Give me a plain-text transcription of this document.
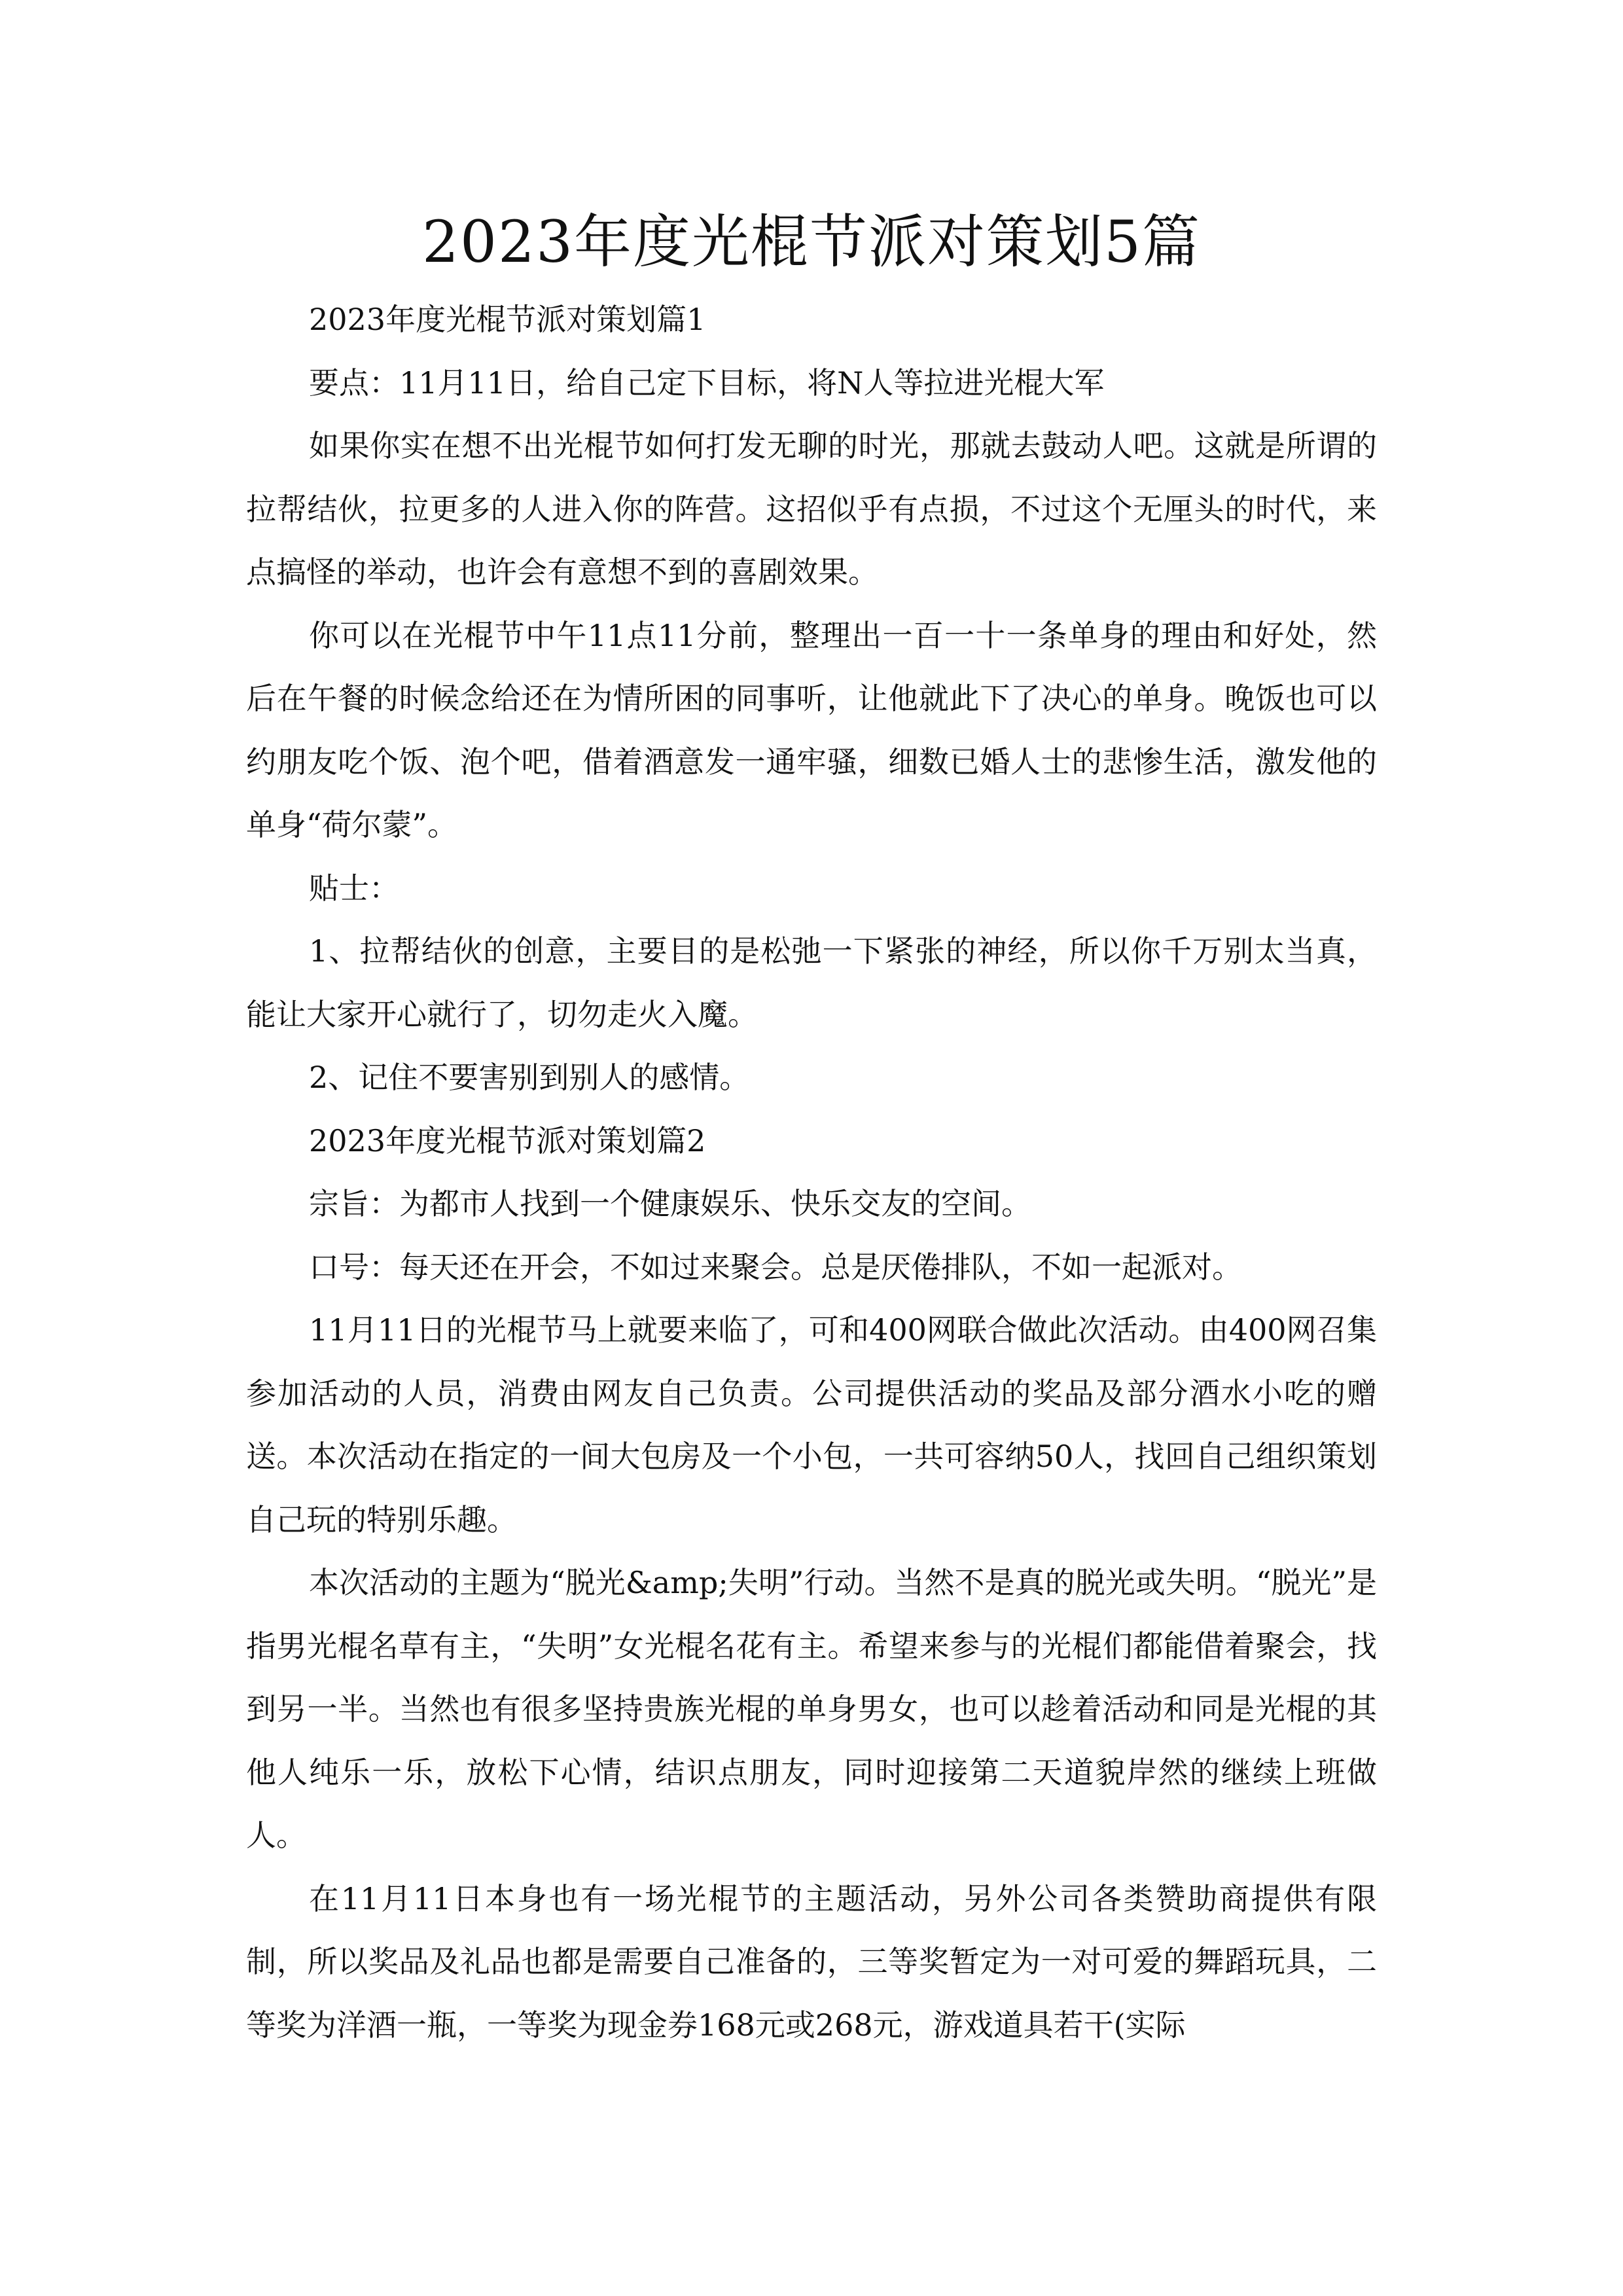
2023年度光棍节派对策划5篇

2023年度光棍节派对策划篇1

要点：11月11日，给自己定下目标，将N人等拉进光棍大军

如果你实在想不出光棍节如何打发无聊的时光，那就去鼓动人吧。这就是所谓的拉帮结伙，拉更多的人进入你的阵营。这招似乎有点损，不过这个无厘头的时代，来点搞怪的举动，也许会有意想不到的喜剧效果。

你可以在光棍节中午11点11分前，整理出一百一十一条单身的理由和好处，然后在午餐的时候念给还在为情所困的同事听，让他就此下了决心的单身。晚饭也可以约朋友吃个饭、泡个吧，借着酒意发一通牢骚，细数已婚人士的悲惨生活，激发他的单身“荷尔蒙”。

贴士：

1、拉帮结伙的创意，主要目的是松弛一下紧张的神经，所以你千万别太当真，能让大家开心就行了，切勿走火入魔。

2、记住不要害别到别人的感情。

2023年度光棍节派对策划篇2

宗旨：为都市人找到一个健康娱乐、快乐交友的空间。

口号：每天还在开会，不如过来聚会。总是厌倦排队，不如一起派对。

11月11日的光棍节马上就要来临了，可和400网联合做此次活动。由400网召集参加活动的人员，消费由网友自己负责。公司提供活动的奖品及部分酒水小吃的赠送。本次活动在指定的一间大包房及一个小包，一共可容纳50人，找回自己组织策划自己玩的特别乐趣。

本次活动的主题为“脱光&amp;失明”行动。当然不是真的脱光或失明。“脱光”是指男光棍名草有主，“失明”女光棍名花有主。希望来参与的光棍们都能借着聚会，找到另一半。当然也有很多坚持贵族光棍的单身男女，也可以趁着活动和同是光棍的其他人纯乐一乐，放松下心情，结识点朋友，同时迎接第二天道貌岸然的继续上班做人。

在11月11日本身也有一场光棍节的主题活动，另外公司各类赞助商提供有限制，所以奖品及礼品也都是需要自己准备的，三等奖暂定为一对可爱的舞蹈玩具，二等奖为洋酒一瓶，一等奖为现金券168元或268元，游戏道具若干(实际
